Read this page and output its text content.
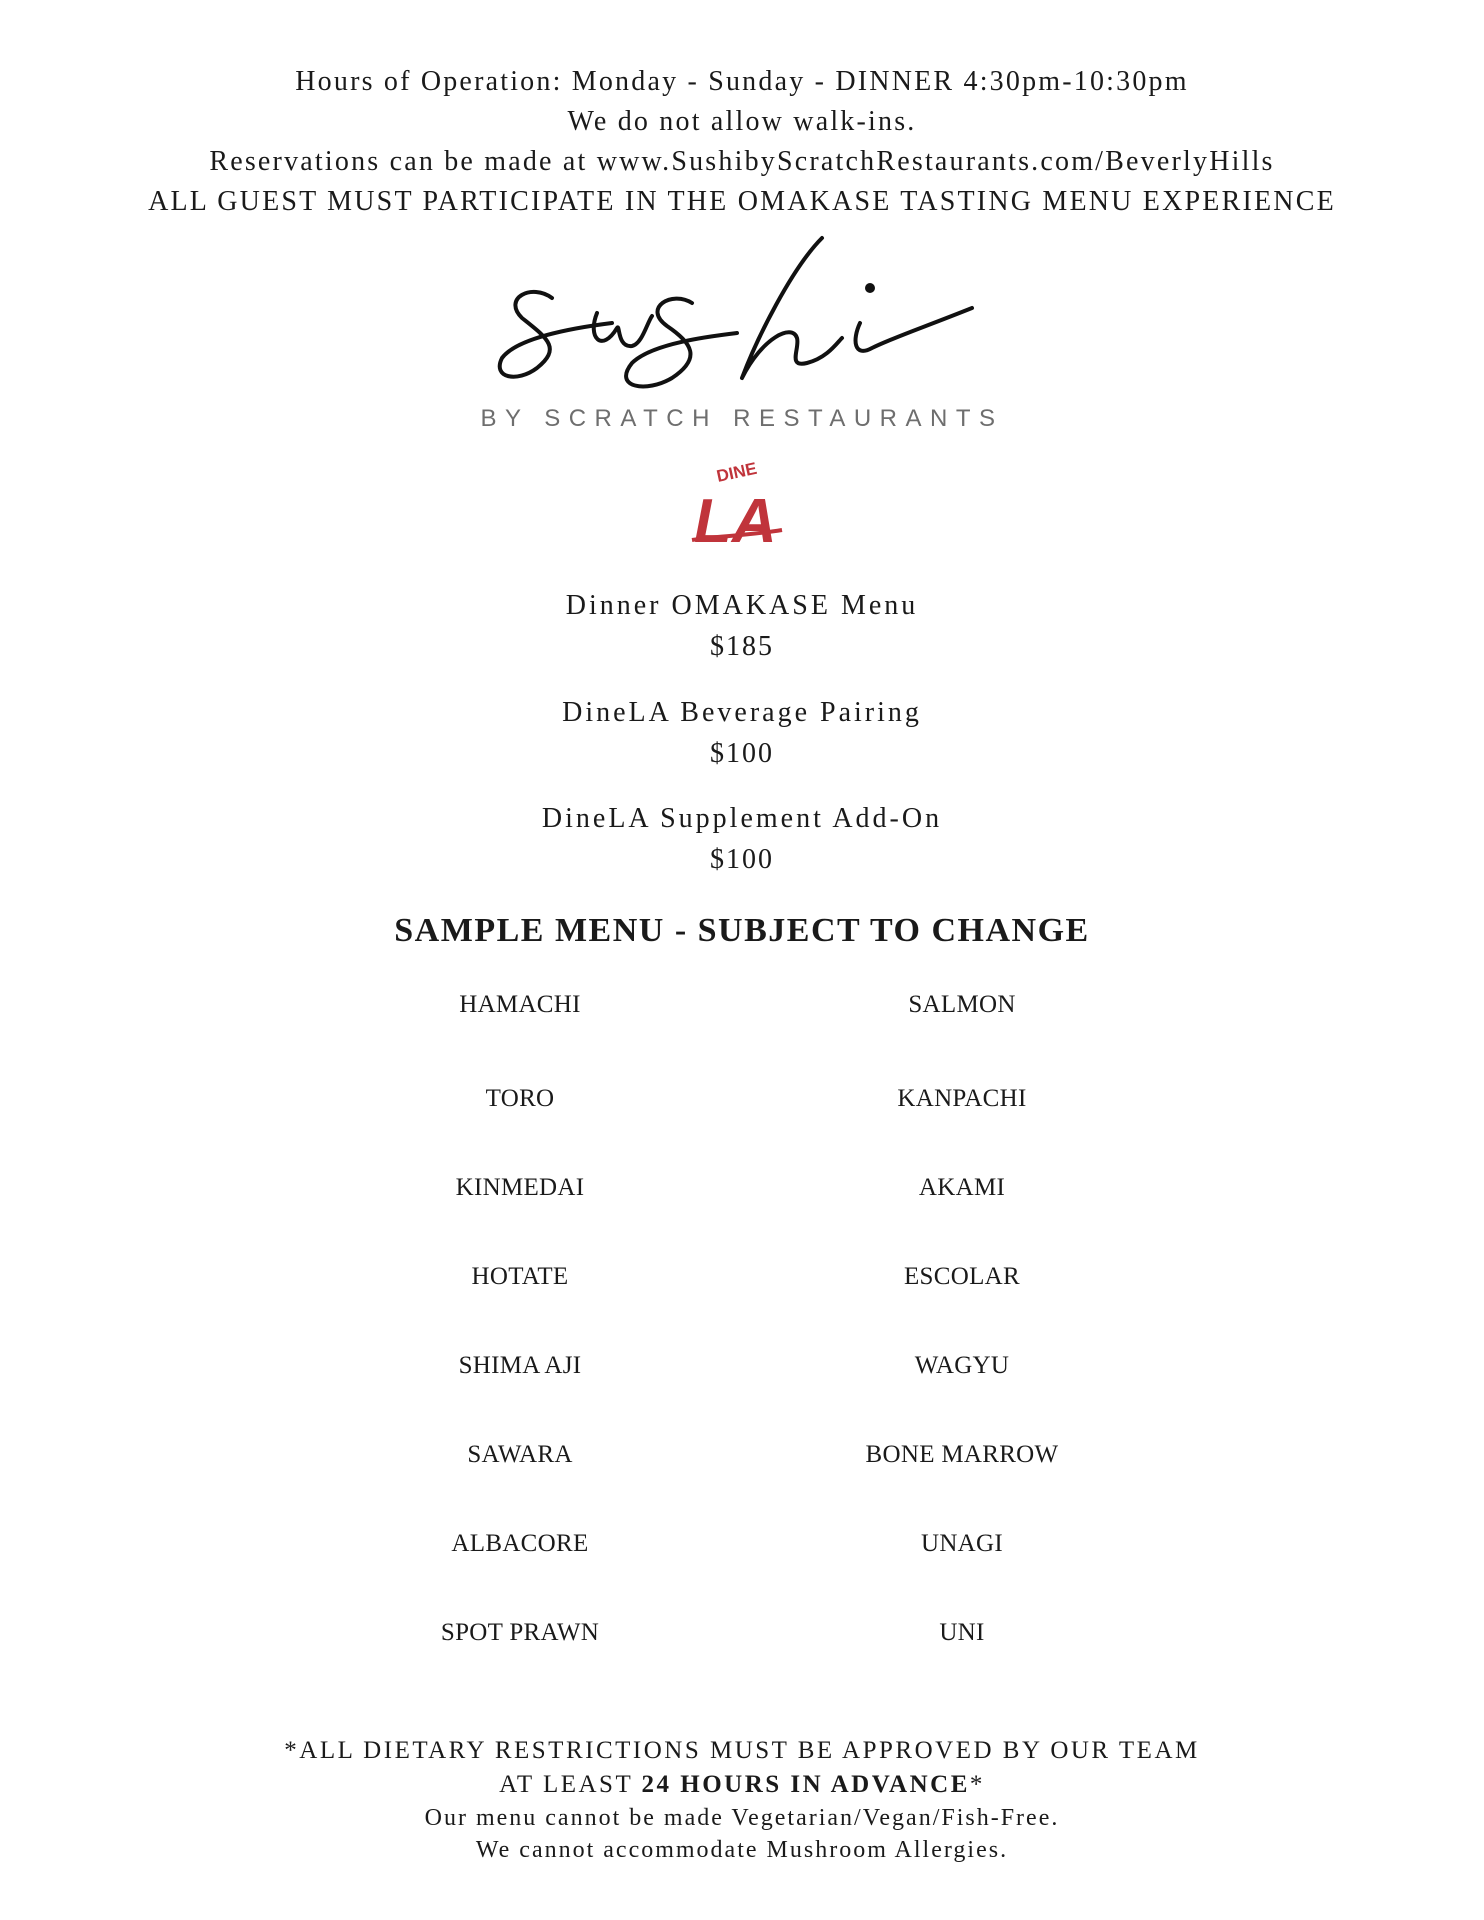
Hours of Operation: Monday - Sunday - DINNER 4:30pm-10:30pm
We do not allow walk-ins.
Reservations can be made at www.SushibyScratchRestaurants.com/BeverlyHills
ALL GUEST MUST PARTICIPATE IN THE OMAKASE TASTING MENU EXPERIENCE
BY SCRATCH RESTAURANTS
DINE
LA
Dinner OMAKASE Menu
$185
DineLA Beverage Pairing
$100
DineLA Supplement Add-On
$100
SAMPLE MENU - SUBJECT TO CHANGE
HAMACHI
TORO
KINMEDAI
HOTATE
SHIMA AJI
SAWARA
ALBACORE
SPOT PRAWN
SALMON
KANPACHI
AKAMI
ESCOLAR
WAGYU
BONE MARROW
UNAGI
UNI
*ALL DIETARY RESTRICTIONS MUST BE APPROVED BY OUR TEAM
AT LEAST 24 HOURS IN ADVANCE*
Our menu cannot be made Vegetarian/Vegan/Fish-Free.
We cannot accommodate Mushroom Allergies.
